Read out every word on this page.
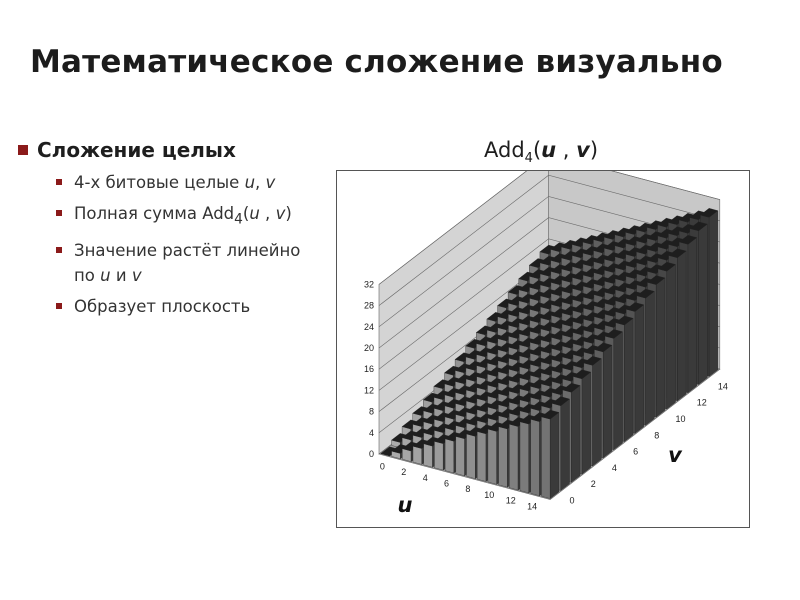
Математическое сложение визуально
Сложение целых
4-х битовые целые u, v
Полная сумма Add$_4$(u , v)
Значение растёт линейно
по u и v
Образует плоскость
Add$_4$(u , v)
0
4
8
12
16
20
24
28
32
0
2
4
6
8
10
12
14
0
2
4
6
8
10
12
14
u
v
